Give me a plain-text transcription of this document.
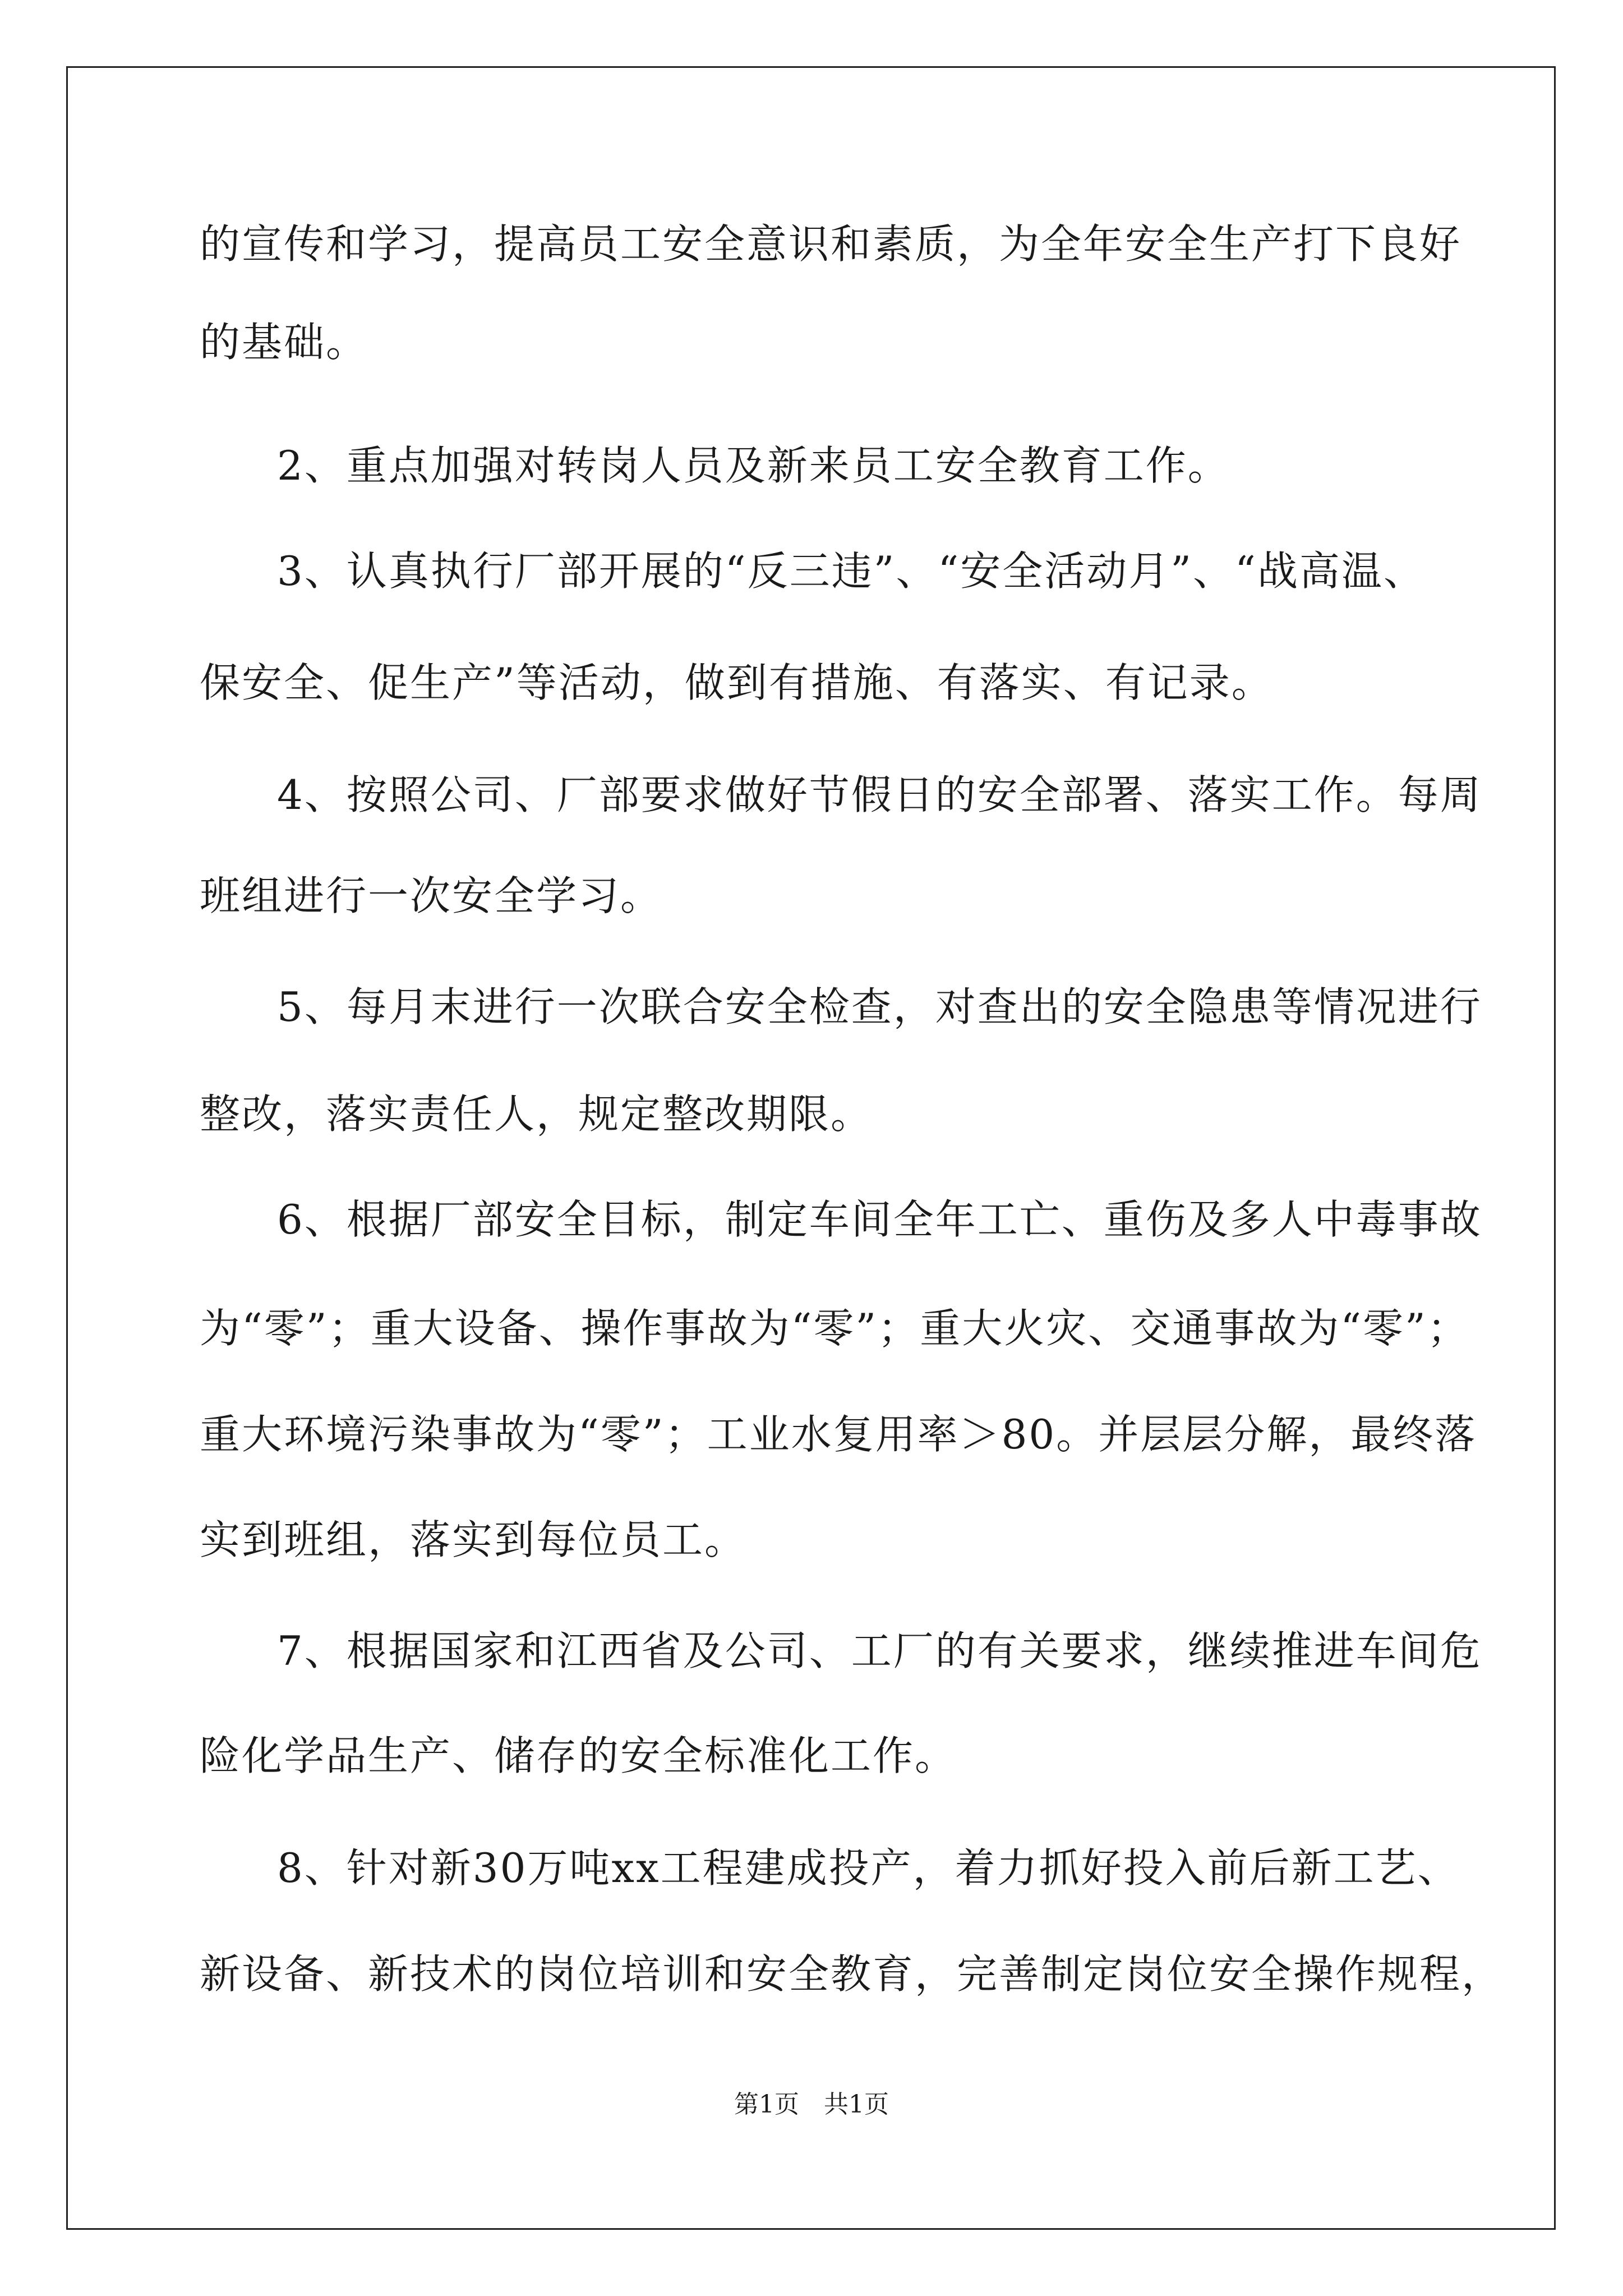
的宣传和学习，提高员工安全意识和素质，为全年安全生产打下良好
的基础。
2、重点加强对转岗人员及新来员工安全教育工作。
3、认真执行厂部开展的“反三违”、“安全活动月”、“战高温、
保安全、促生产”等活动，做到有措施、有落实、有记录。
4、按照公司、厂部要求做好节假日的安全部署、落实工作。每周
班组进行一次安全学习。
5、每月末进行一次联合安全检查，对查出的安全隐患等情况进行
整改，落实责任人，规定整改期限。
6、根据厂部安全目标，制定车间全年工亡、重伤及多人中毒事故
为“零”；重大设备、操作事故为“零”；重大火灾、交通事故为“零”；
重大环境污染事故为“零”；工业水复用率＞80。并层层分解，最终落
实到班组，落实到每位员工。
7、根据国家和江西省及公司、工厂的有关要求，继续推进车间危
险化学品生产、储存的安全标准化工作。
8、针对新30万吨xx工程建成投产，着力抓好投入前后新工艺、
新设备、新技术的岗位培训和安全教育，完善制定岗位安全操作规程，
第1页　共1页
